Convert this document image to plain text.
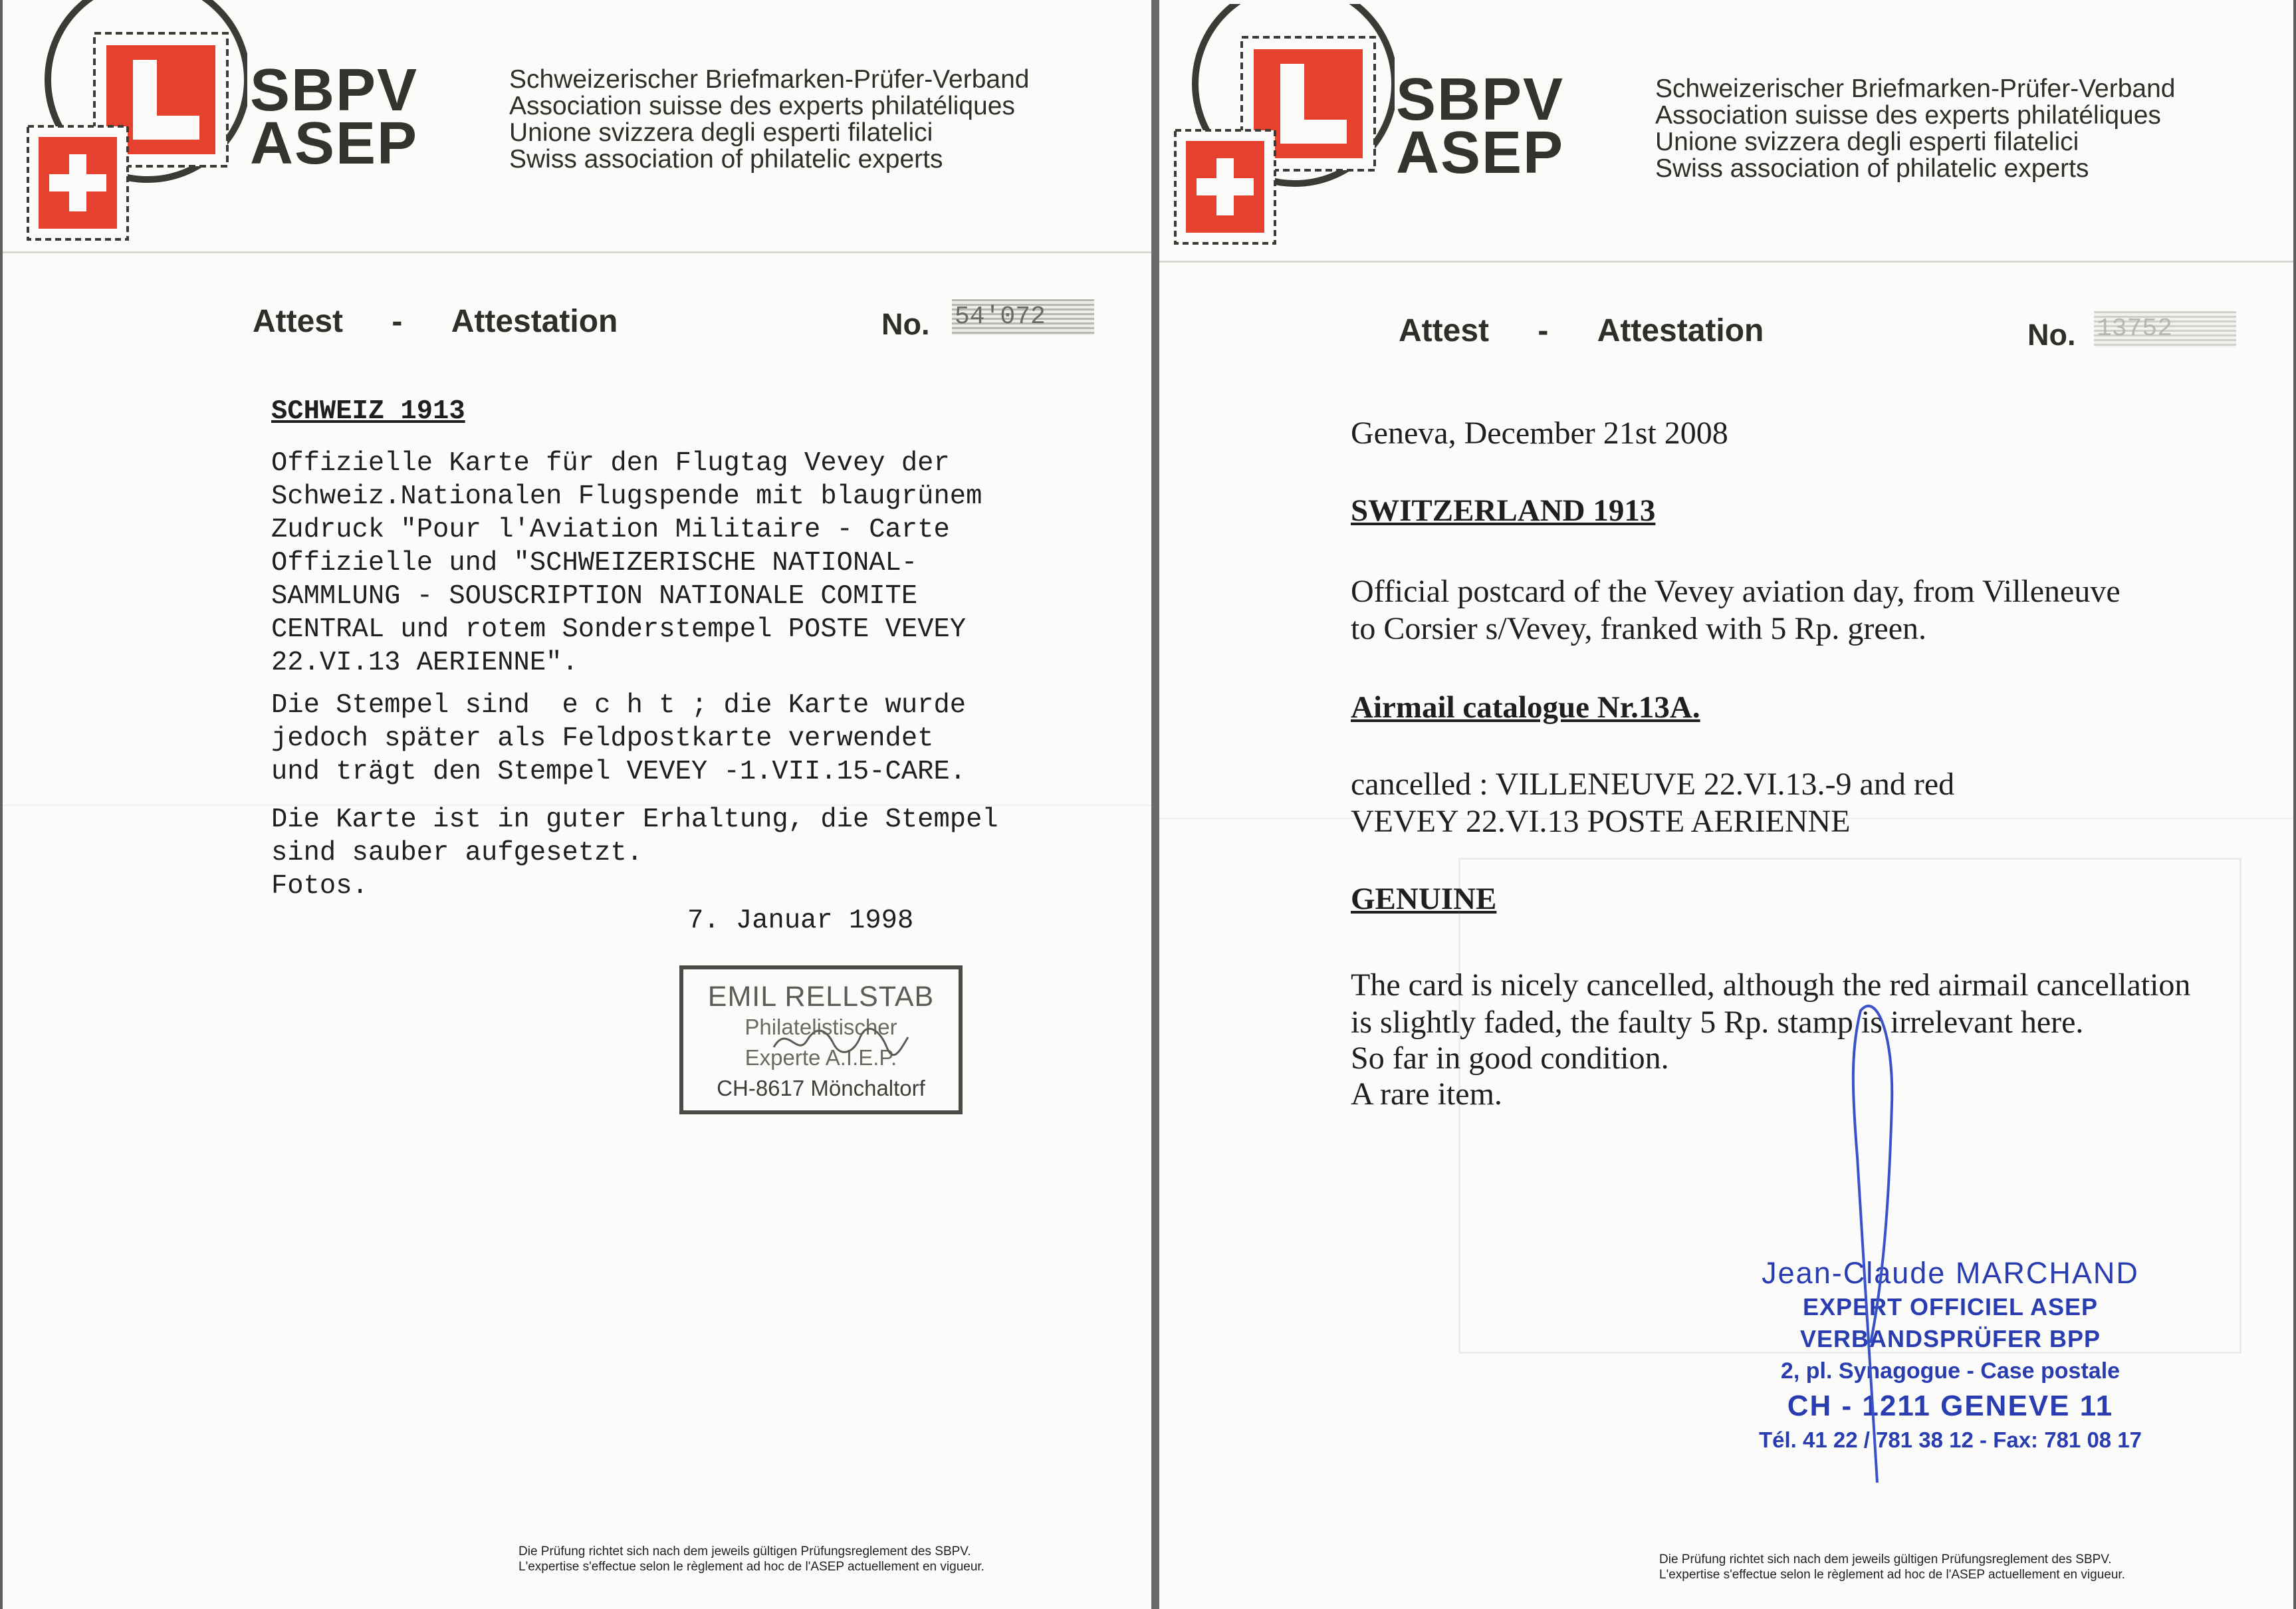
SBPV
ASEP
Schweizerischer Briefmarken-Prüfer-Verband
Association suisse des experts philatéliques
Unione svizzera degli esperti filatelici
Swiss association of philatelic experts
Attest - Attestation	No. 54'072
SCHWEIZ 1913
Offizielle Karte für den Flugtag Vevey der
Schweiz.Nationalen Flugspende mit blaugrünem
Zudruck "Pour l'Aviation Militaire - Carte
Offizielle und "SCHWEIZERISCHE NATIONAL-
SAMMLUNG - SOUSCRIPTION NATIONALE COMITE
CENTRAL und rotem Sonderstempel POSTE VEVEY
22.VI.13 AERIENNE".
Die Stempel sind  e c h t ; die Karte wurde
jedoch später als Feldpostkarte verwendet
und trägt den Stempel VEVEY -1.VII.15-CARE.
Die Karte ist in guter Erhaltung, die Stempel
sind sauber aufgesetzt.
Fotos.
7. Januar 1998
EMIL RELLSTAB
Philatelistischer
Experte A.I.E.P.
CH-8617 Mönchaltorf
Die Prüfung richtet sich nach dem jeweils gültigen Prüfungsreglement des SBPV.
L'expertise s'effectue selon le règlement ad hoc de l'ASEP actuellement en vigueur.
SBPV
ASEP
Schweizerischer Briefmarken-Prüfer-Verband
Association suisse des experts philatéliques
Unione svizzera degli esperti filatelici
Swiss association of philatelic experts
Attest - Attestation	No. 13752
Geneva, December 21st 2008
SWITZERLAND 1913
Official postcard of the Vevey aviation day, from Villeneuve
to Corsier s/Vevey, franked with 5 Rp. green.
Airmail catalogue Nr.13A.
cancelled : VILLENEUVE 22.VI.13.-9 and red
VEVEY 22.VI.13 POSTE AERIENNE
GENUINE
The card is nicely cancelled, although the red airmail cancellation
is slightly faded, the faulty 5 Rp. stamp is irrelevant here.
So far in good condition.
A rare item.
Jean-Claude MARCHAND
EXPERT OFFICIEL ASEP
VERBANDSPRÜFER BPP
2, pl. Synagogue - Case postale
CH - 1211 GENEVE 11
Tél. 41 22 / 781 38 12 - Fax: 781 08 17
Die Prüfung richtet sich nach dem jeweils gültigen Prüfungsreglement des SBPV.
L'expertise s'effectue selon le règlement ad hoc de l'ASEP actuellement en vigueur.
